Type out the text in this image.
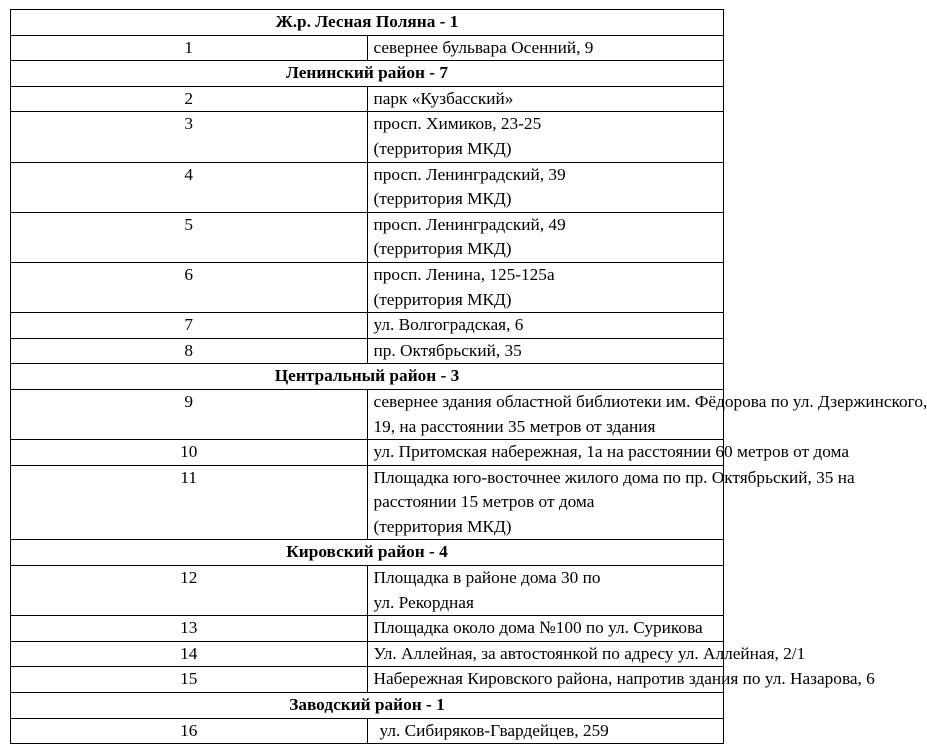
Ж.р. Лесная Поляна - 1	
1	севернее бульвара Осенний, 9

Ленинский район - 7	
2	парк «Кузбасский»

3	просп. Химиков, 23-25
(территория МКД)

4	просп. Ленинградский, 39
(территория МКД)

5	просп. Ленинградский, 49
(территория МКД)

6	просп. Ленина, 125-125а
(территория МКД)

7	ул. Волгоградская, 6

8	пр. Октябрьский, 35

Центральный район - 3	
9	севернее здания областной библиотеки им. Фёдорова по ул. Дзержинского,
19, на расстоянии 35 метров от здания

10	ул. Притомская набережная, 1а на расстоянии 60 метров от дома

11	Площадка юго-восточнее жилого дома по пр. Октябрьский, 35 на
расстоянии 15 метров от дома
(территория МКД)

Кировский район - 4	
12	Площадка в районе дома 30 по
ул. Рекордная

13	Площадка около дома №100 по ул. Сурикова

14	Ул. Аллейная, за автостоянкой по адресу ул. Аллейная, 2/1

15	Набережная Кировского района, напротив здания по ул. Назарова, 6

Заводский район - 1	
16	ул. Сибиряков-Гвардейцев, 259
